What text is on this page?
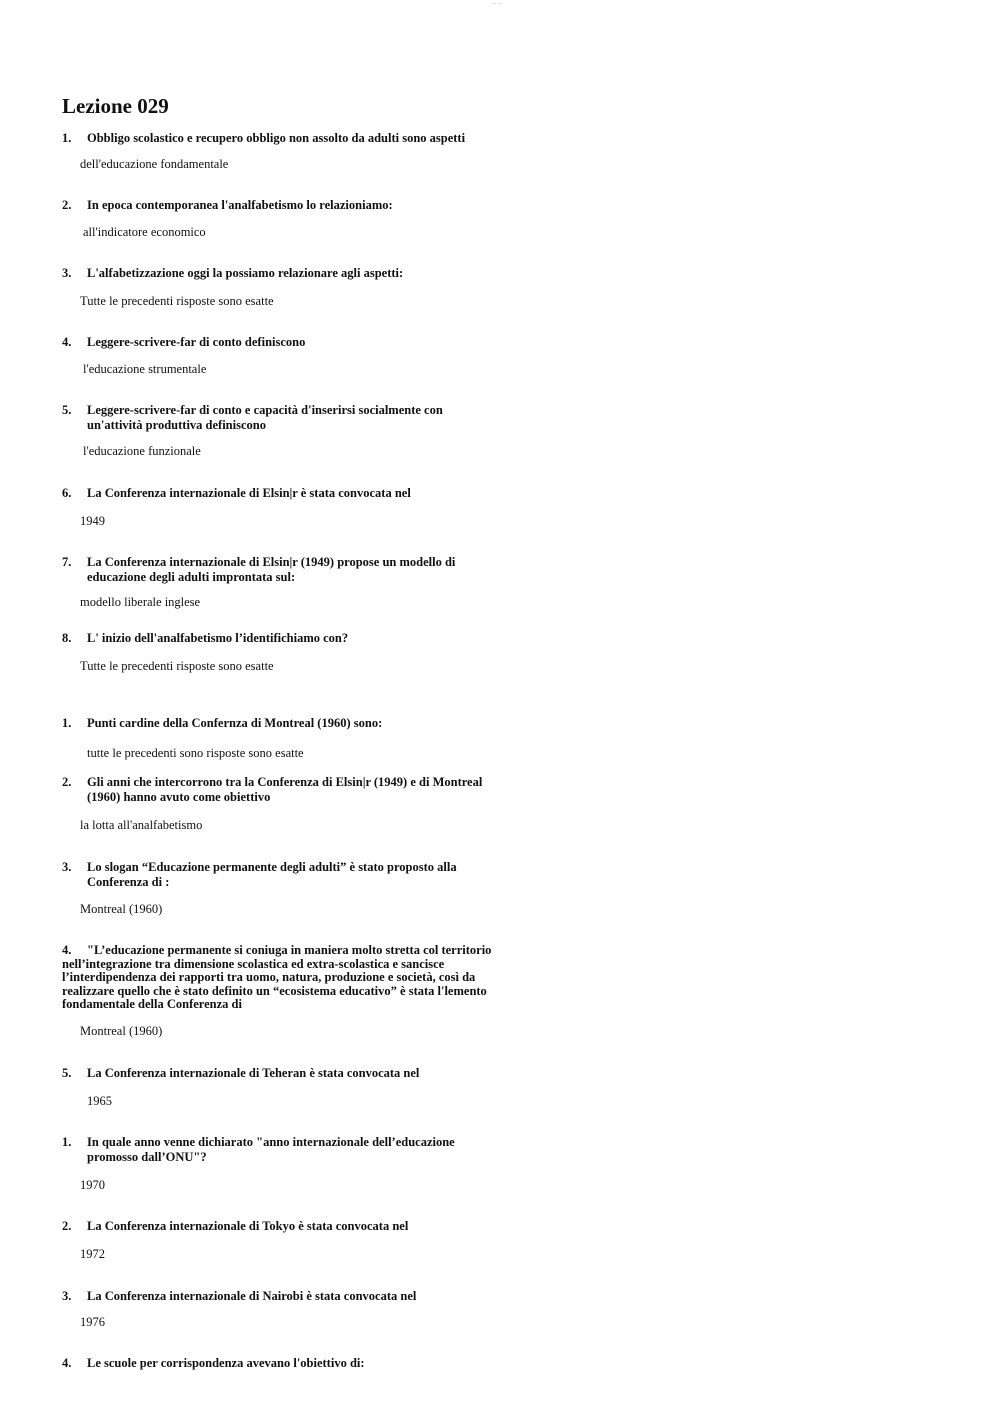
— —
Lezione 029
1. Obbligo scolastico e recupero obbligo non assolto da adulti sono aspetti
dell'educazione fondamentale
2. In epoca contemporanea l'analfabetismo lo relazioniamo:
all'indicatore economico
3. L'alfabetizzazione oggi la possiamo relazionare agli aspetti:
Tutte le precedenti risposte sono esatte
4. Leggere-scrivere-far di conto definiscono
l'educazione strumentale
5. Leggere-scrivere-far di conto e capacità d'inserirsi socialmente con
un'attività produttiva definiscono
l'educazione funzionale
6. La Conferenza internazionale di Elsin|r è stata convocata nel
1949
7. La Conferenza internazionale di Elsin|r (1949) propose un modello di
educazione degli adulti improntata sul:
modello liberale inglese
8. L' inizio dell'analfabetismo l’identifichiamo con?
Tutte le precedenti risposte sono esatte
1. Punti cardine della Confernza di Montreal (1960) sono:
tutte le precedenti sono risposte sono esatte
2. Gli anni che intercorrono tra la Conferenza di Elsin|r (1949) e di Montreal
(1960) hanno avuto come obiettivo
la lotta all'analfabetismo
3. Lo slogan “Educazione permanente degli adulti” è stato proposto alla
Conferenza di :
Montreal (1960)
4. "L’educazione permanente si coniuga in maniera molto stretta col territorio
nell’integrazione tra dimensione scolastica ed extra-scolastica e sancisce
l’interdipendenza dei rapporti tra uomo, natura, produzione e società, così da
realizzare quello che è stato definito un “ecosistema educativo” è stata l'lemento
fondamentale della Conferenza di
Montreal (1960)
5. La Conferenza internazionale di Teheran è stata convocata nel
1965
1. In quale anno venne dichiarato "anno internazionale dell’educazione
promosso dall’ONU"?
1970
2. La Conferenza internazionale di Tokyo è stata convocata nel
1972
3. La Conferenza internazionale di Nairobi è stata convocata nel
1976
4. Le scuole per corrispondenza avevano l'obiettivo di:
